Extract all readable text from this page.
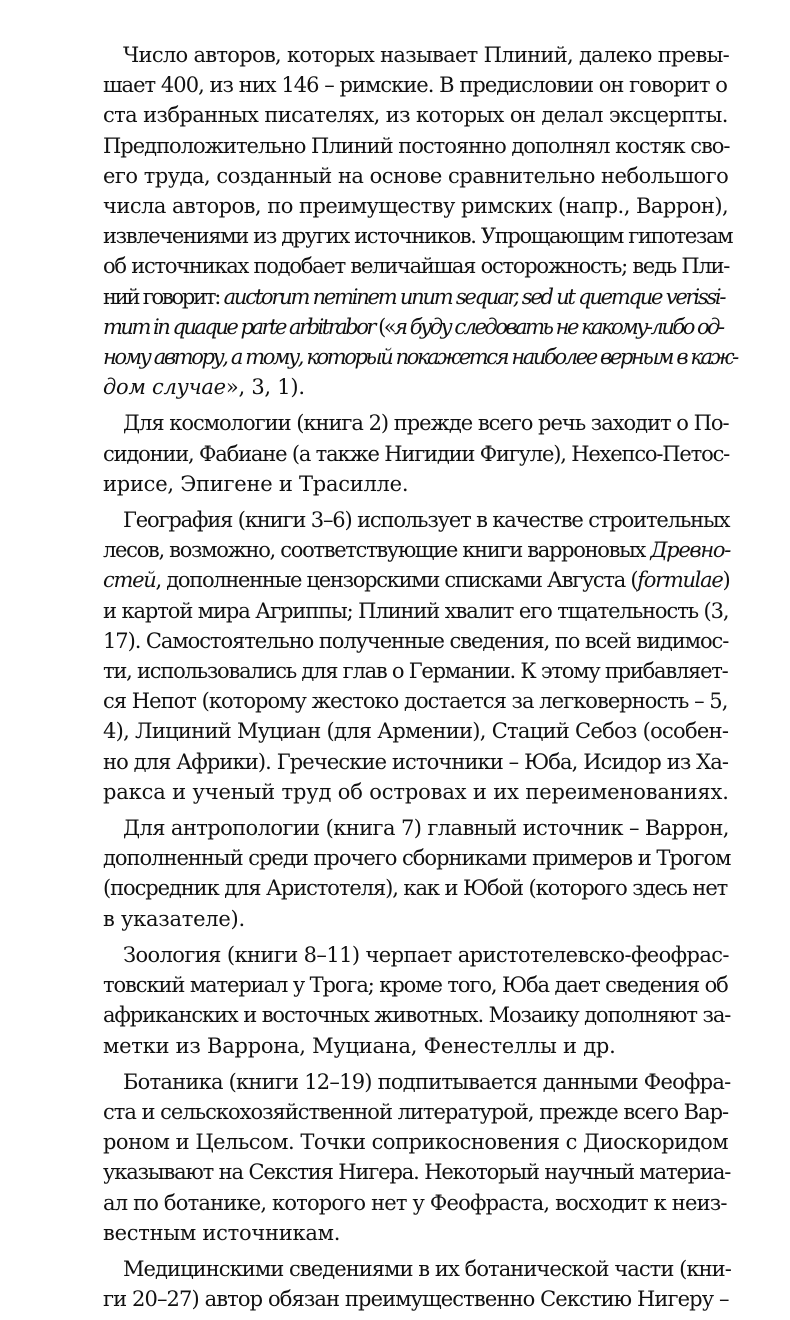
Число авторов, которых называет Плиний, далеко превы-
шает 400, из них 146 – римские. В предисловии он говорит о
ста избранных писателях, из которых он делал эксцерпты.
Предположительно Плиний постоянно дополнял костяк сво-
его труда, созданный на основе сравнительно небольшого
числа авторов, по преимуществу римских (напр., Варрон),
извлечениями из других источников. Упрощающим гипотезам
об источниках подобает величайшая осторожность; ведь Пли-
ний говорит: auctorum neminem unum sequar, sed ut quemque verissi-
mum in quaque parte arbitrabor («я буду следовать не какому-либо од-
ному автору, а тому, который покажется наиболее верным в каж-
дом случае», 3, 1).
Для космологии (книга 2) прежде всего речь заходит о По-
сидонии, Фабиане (а также Нигидии Фигуле), Нехепсо-Петос-
ирисе, Эпигене и Трасилле.
География (книги 3–6) использует в качестве строительных
лесов, возможно, соответствующие книги варроновых Древно-
стей, дополненные цензорскими списками Августа (formulae)
и картой мира Агриппы; Плиний хвалит его тщательность (3,
17). Самостоятельно полученные сведения, по всей видимос-
ти, использовались для глав о Германии. К этому прибавляет-
ся Непот (которому жестоко достается за легковерность – 5,
4), Лициний Муциан (для Армении), Стаций Себоз (особен-
но для Африки). Греческие источники – Юба, Исидор из Ха-
ракса и ученый труд об островах и их переименованиях.
Для антропологии (книга 7) главный источник – Варрон,
дополненный среди прочего сборниками примеров и Трогом
(посредник для Аристотеля), как и Юбой (которого здесь нет
в указателе).
Зоология (книги 8–11) черпает аристотелевско-феофрас-
товский материал у Трога; кроме того, Юба дает сведения об
африканских и восточных животных. Мозаику дополняют за-
метки из Варрона, Муциана, Фенестеллы и др.
Ботаника (книги 12–19) подпитывается данными Феофра-
ста и сельскохозяйственной литературой, прежде всего Вар-
роном и Цельсом. Точки соприкосновения с Диоскоридом
указывают на Секстия Нигера. Некоторый научный материа-
ал по ботанике, которого нет у Феофраста, восходит к неиз-
вестным источникам.
Медицинскими сведениями в их ботанической части (кни-
ги 20–27) автор обязан преимущественно Секстию Нигеру –
